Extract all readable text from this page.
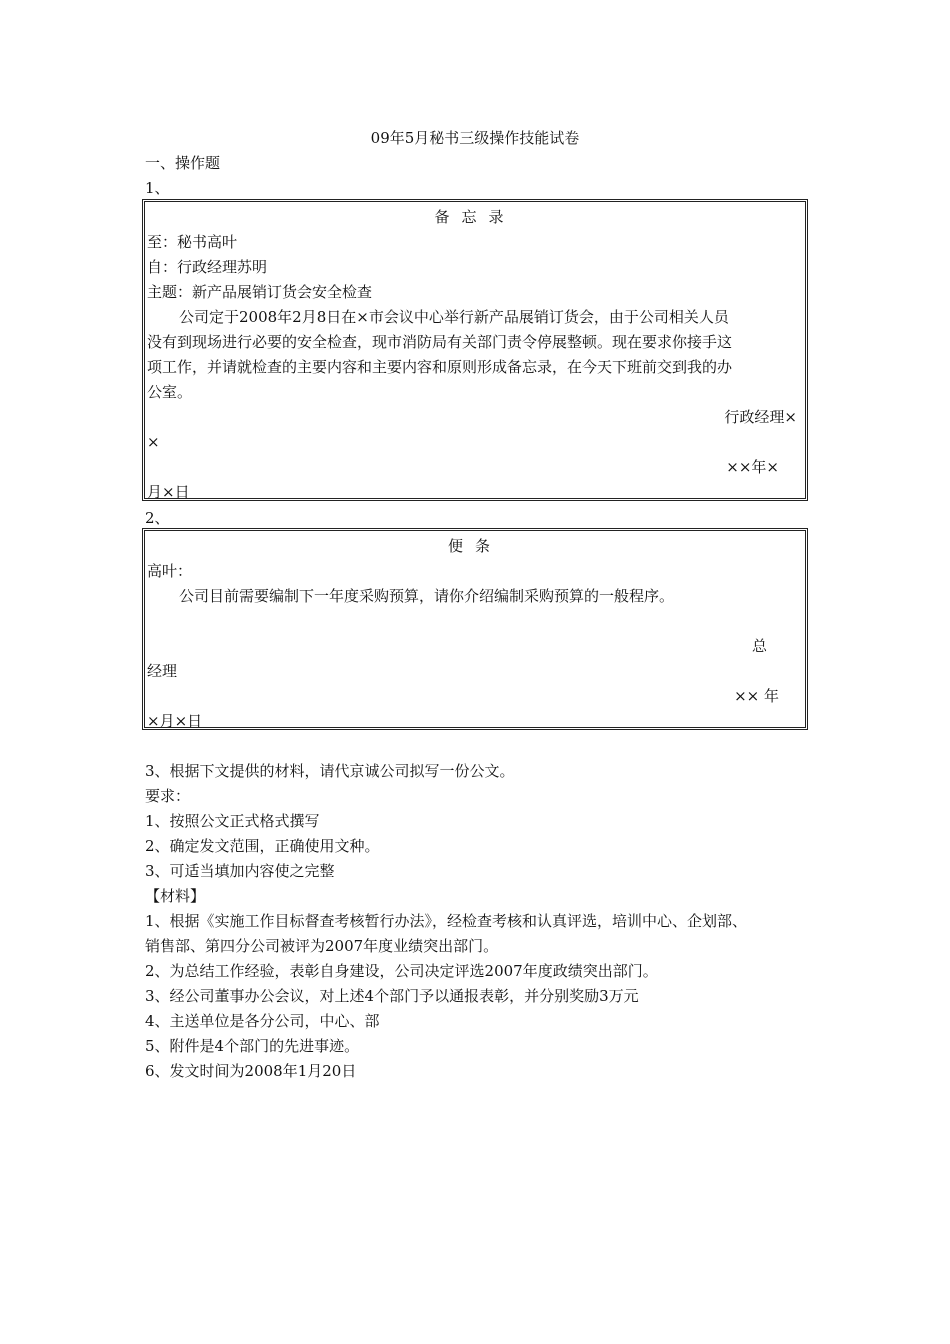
09年5月秘书三级操作技能试卷
一、操作题
1、
备忘录
至：秘书高叶
自：行政经理苏明
主题：新产品展销订货会安全检查
公司定于2008年2月8日在×市会议中心举行新产品展销订货会，由于公司相关人员
没有到现场进行必要的安全检查，现市消防局有关部门责令停展整顿。现在要求你接手这
项工作，并请就检查的主要内容和主要内容和原则形成备忘录，在今天下班前交到我的办
公室。
行政经理×
×
××年×
月×日
2、
便条
高叶：
公司目前需要编制下一年度采购预算，请你介绍编制采购预算的一般程序。
总
经理
×× 年
×月×日
3、根据下文提供的材料，请代京诚公司拟写一份公文。
要求：
1、按照公文正式格式撰写
2、确定发文范围，正确使用文种。
3、可适当填加内容使之完整
【材料】
1、根据《实施工作目标督查考核暂行办法》，经检查考核和认真评选，培训中心、企划部、
销售部、第四分公司被评为2007年度业绩突出部门。
2、为总结工作经验，表彰自身建设，公司决定评选2007年度政绩突出部门。
3、经公司董事办公会议，对上述4个部门予以通报表彰，并分别奖励3万元
4、主送单位是各分公司，中心、部
5、附件是4个部门的先进事迹。
6、发文时间为2008年1月20日
